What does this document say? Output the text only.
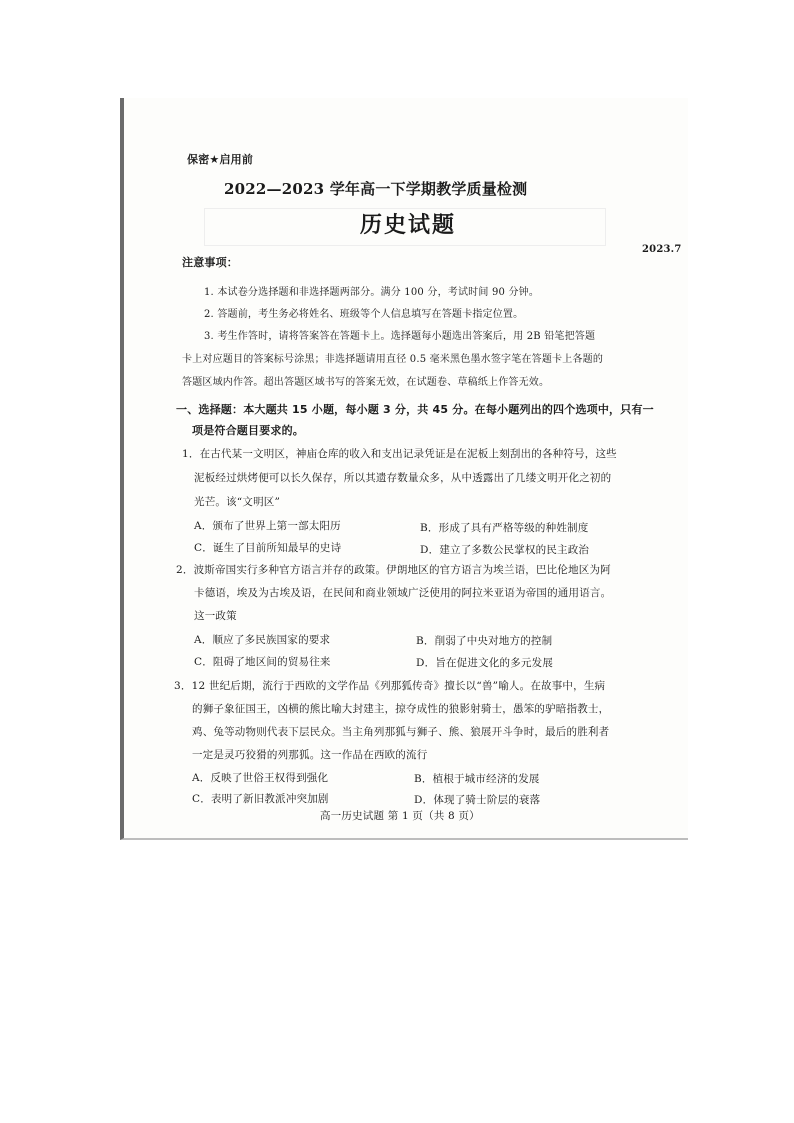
保密★启用前
2022—2023 学年高一下学期教学质量检测
历史试题
2023.7
注意事项：
1. 本试卷分选择题和非选择题两部分。满分 100 分，考试时间 90 分钟。
2. 答题前，考生务必将姓名、班级等个人信息填写在答题卡指定位置。
3. 考生作答时，请将答案答在答题卡上。选择题每小题选出答案后，用 2B 铅笔把答题
卡上对应题目的答案标号涂黑；非选择题请用直径 0.5 毫米黑色墨水签字笔在答题卡上各题的
答题区域内作答。超出答题区域书写的答案无效，在试题卷、草稿纸上作答无效。
一、选择题：本大题共 15 小题，每小题 3 分，共 45 分。在每小题列出的四个选项中，只有一
项是符合题目要求的。
1．在古代某一文明区，神庙仓库的收入和支出记录凭证是在泥板上刻刮出的各种符号，这些
泥板经过烘烤便可以长久保存，所以其遗存数量众多，从中透露出了几缕文明开化之初的
光芒。该“文明区”
A．颁布了世界上第一部太阳历	B．形成了具有严格等级的种姓制度
C．诞生了目前所知最早的史诗	D．建立了多数公民掌权的民主政治
2．波斯帝国实行多种官方语言并存的政策。伊朗地区的官方语言为埃兰语，巴比伦地区为阿
卡德语，埃及为古埃及语，在民间和商业领域广泛使用的阿拉米亚语为帝国的通用语言。
这一政策
A．顺应了多民族国家的要求	B．削弱了中央对地方的控制
C．阻碍了地区间的贸易往来	D．旨在促进文化的多元发展
3．12 世纪后期，流行于西欧的文学作品《列那狐传奇》擅长以“兽”喻人。在故事中，生病
的狮子象征国王，凶横的熊比喻大封建主，掠夺成性的狼影射骑士，愚笨的驴暗指教士，
鸡、兔等动物则代表下层民众。当主角列那狐与狮子、熊、狼展开斗争时，最后的胜利者
一定是灵巧狡猾的列那狐。这一作品在西欧的流行
A．反映了世俗王权得到强化	B．植根于城市经济的发展
C．表明了新旧教派冲突加剧	D．体现了骑士阶层的衰落
高一历史试题 第 1 页（共 8 页）
